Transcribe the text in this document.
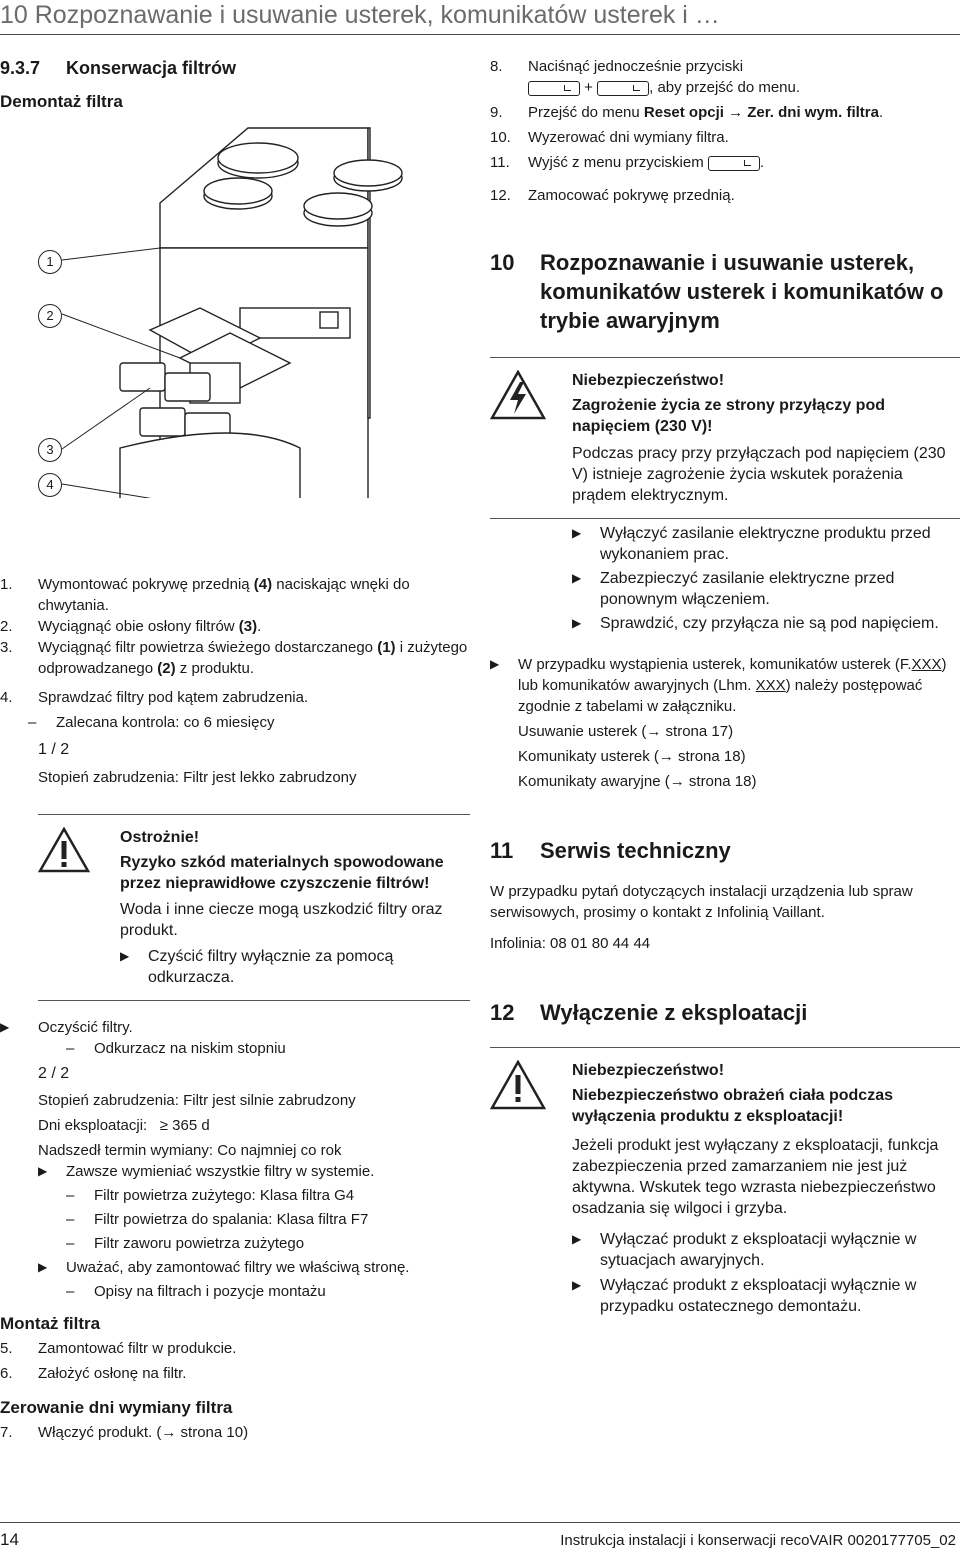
10 Rozpoznawanie i usuwanie usterek, komunikatów usterek i …
9.3.7 Konserwacja filtrów
Demontaż filtra
1
2
3
4
1.	Wymontować pokrywę przednią (4) naciskając wnęki do chwytania.
2.	Wyciągnąć obie osłony filtrów (3).
3.	Wyciągnąć filtr powietrza świeżego dostarczanego (1) i zużytego odprowadzanego (2) z produktu.
4.	Sprawdzać filtry pod kątem zabrudzenia.
–	Zalecana kontrola: co 6 miesięcy
1 / 2
Stopień zabrudzenia: Filtr jest lekko zabrudzony
Ostrożnie!
Ryzyko szkód materialnych spowodowane przez nieprawidłowe czyszczenie filtrów!
Woda i inne ciecze mogą uszkodzić filtry oraz produkt.
▶	Czyścić filtry wyłącznie za pomocą odkurzacza.
▶	Oczyścić filtry.
–	Odkurzacz na niskim stopniu
2 / 2
Stopień zabrudzenia: Filtr jest silnie zabrudzony
Dni eksploatacji: ≥ 365 d
Nadszedł termin wymiany: Co najmniej co rok
▶	Zawsze wymieniać wszystkie filtry w systemie.
–	Filtr powietrza zużytego: Klasa filtra G4
–	Filtr powietrza do spalania: Klasa filtra F7
–	Filtr zaworu powietrza zużytego
▶	Uważać, aby zamontować filtry we właściwą stronę.
–	Opisy na filtrach i pozycje montażu
Montaż filtra
5.	Zamontować filtr w produkcie.
6.	Założyć osłonę na filtr.
Zerowanie dni wymiany filtra
7.	Włączyć produkt. (→ strona 10)
8.	Naciśnąć jednocześnie przyciski
+	, aby przejść do menu.
9.	Przejść do menu Reset opcji → Zer. dni wym. filtra.
10.	Wyzerować dni wymiany filtra.
11.	Wyjść z menu przyciskiem	.
12.	Zamocować pokrywę przednią.
10	Rozpoznawanie i usuwanie usterek, komunikatów usterek i komunikatów o trybie awaryjnym
Niebezpieczeństwo!
Zagrożenie życia ze strony przyłączy pod napięciem (230 V)!
Podczas pracy przy przyłączach pod napięciem (230 V) istnieje zagrożenie życia wskutek porażenia prądem elektrycznym.
▶	Wyłączyć zasilanie elektryczne produktu przed wykonaniem prac.
▶	Zabezpieczyć zasilanie elektryczne przed ponownym włączeniem.
▶	Sprawdzić, czy przyłącza nie są pod napięciem.
▶	W przypadku wystąpienia usterek, komunikatów usterek (F.XXX) lub komunikatów awaryjnych (Lhm. XXX) należy postępować zgodnie z tabelami w załączniku.
Usuwanie usterek (→ strona 17)
Komunikaty usterek (→ strona 18)
Komunikaty awaryjne (→ strona 18)
11	Serwis techniczny
W przypadku pytań dotyczących instalacji urządzenia lub spraw serwisowych, prosimy o kontakt z Infolinią Vaillant.
Infolinia: 08 01 80 44 44
12	Wyłączenie z eksploatacji
Niebezpieczeństwo!
Niebezpieczeństwo obrażeń ciała podczas wyłączenia produktu z eksploatacji!
Jeżeli produkt jest wyłączany z eksploatacji, funkcja zabezpieczenia przed zamarzaniem nie jest już aktywna. Wskutek tego wzrasta niebezpieczeństwo osadzania się wilgoci i grzyba.
▶	Wyłączać produkt z eksploatacji wyłącznie w sytuacjach awaryjnych.
▶	Wyłączać produkt z eksploatacji wyłącznie w przypadku ostatecznego demontażu.
14	Instrukcja instalacji i konserwacji recoVAIR 0020177705_02
